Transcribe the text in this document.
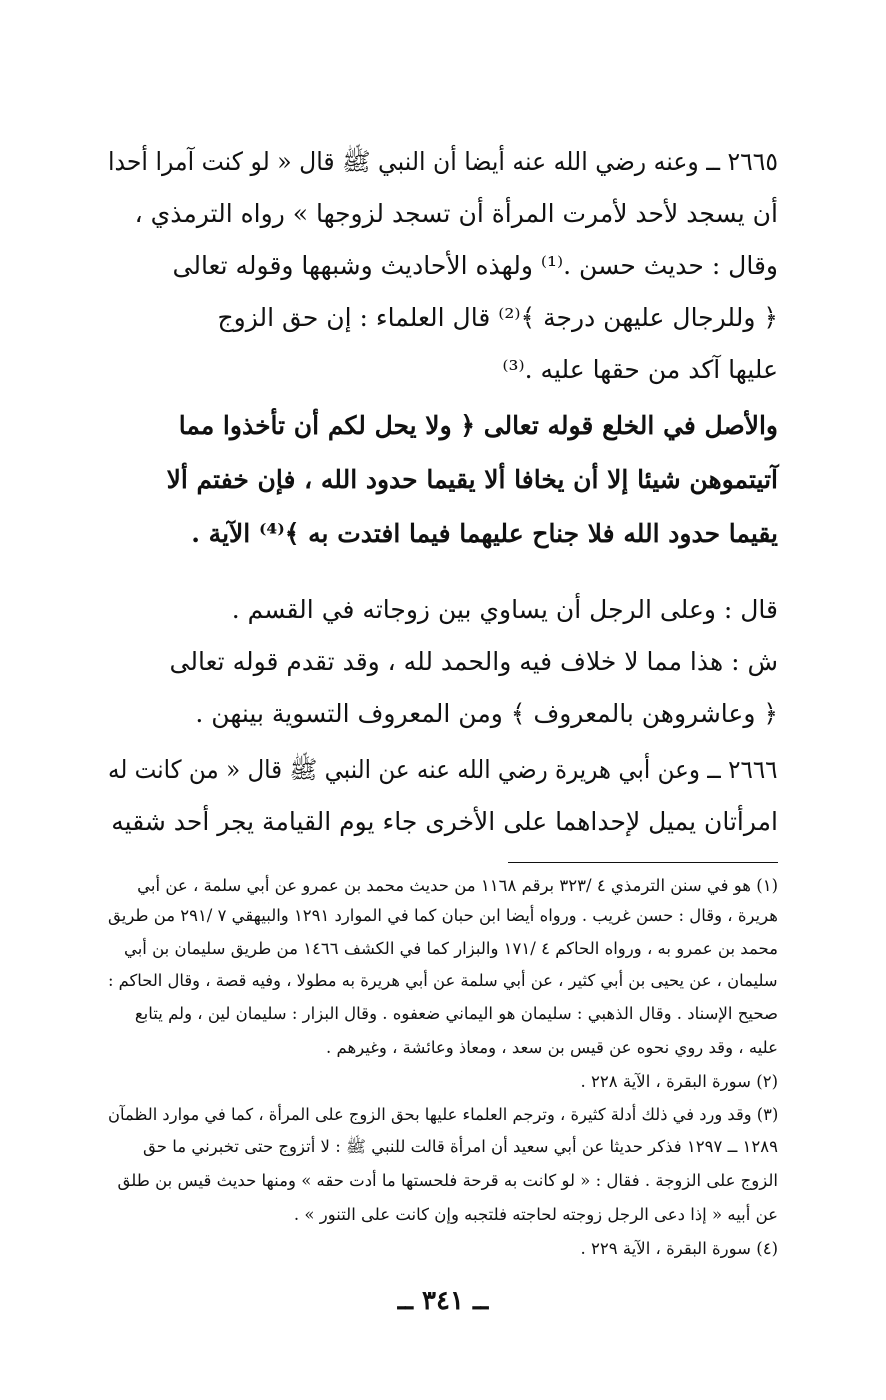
٢٦٦٥ ــ وعنه رضي الله عنه أيضا أن النبي ﷺ قال « لو كنت آمرا أحدا
أن يسجد لأحد لأمرت المرأة أن تسجد لزوجها » رواه الترمذي ،
وقال : حديث حسن .⁽¹⁾ ولهذه الأحاديث وشبهها وقوله تعالى
﴿ وللرجال عليهن درجة ﴾⁽²⁾ قال العلماء : إن حق الزوج
عليها آكد من حقها عليه .⁽³⁾
والأصل في الخلع قوله تعالى ﴿ ولا يحل لكم أن تأخذوا مما
آتيتموهن شيئا إلا أن يخافا ألا يقيما حدود الله ، فإن خفتم ألا
يقيما حدود الله فلا جناح عليهما فيما افتدت به ﴾⁽⁴⁾ الآية .
قال : وعلى الرجل أن يساوي بين زوجاته في القسم .
ش : هذا مما لا خلاف فيه والحمد لله ، وقد تقدم قوله تعالى
﴿ وعاشروهن بالمعروف ﴾ ومن المعروف التسوية بينهن .
٢٦٦٦ ــ وعن أبي هريرة رضي الله عنه عن النبي ﷺ قال « من كانت له
امرأتان يميل لإحداهما على الأخرى جاء يوم القيامة يجر أحد شقيه
(١) هو في سنن الترمذي ٤ /٣٢٣ برقم ١١٦٨ من حديث محمد بن عمرو عن أبي سلمة ، عن أبي
هريرة ، وقال : حسن غريب . ورواه أيضا ابن حبان كما في الموارد ١٢٩١ والبيهقي ٧ /٢٩١ من طريق
محمد بن عمرو به ، ورواه الحاكم ٤ /١٧١ والبزار كما في الكشف ١٤٦٦ من طريق سليمان بن أبي
سليمان ، عن يحيى بن أبي كثير ، عن أبي سلمة عن أبي هريرة به مطولا ، وفيه قصة ، وقال الحاكم :
صحيح الإسناد . وقال الذهبي : سليمان هو اليماني ضعفوه . وقال البزار : سليمان لين ، ولم يتابع
عليه ، وقد روي نحوه عن قيس بن سعد ، ومعاذ وعائشة ، وغيرهم .
(٢) سورة البقرة ، الآية ٢٢٨ .
(٣) وقد ورد في ذلك أدلة كثيرة ، وترجم العلماء عليها بحق الزوج على المرأة ، كما في موارد الظمآن
١٢٨٩ ــ ١٢٩٧ فذكر حديثا عن أبي سعيد أن امرأة قالت للنبي ﷺ : لا أتزوج حتى تخبرني ما حق
الزوج على الزوجة . فقال : « لو كانت به قرحة فلحستها ما أدت حقه » ومنها حديث قيس بن طلق
عن أبيه « إذا دعى الرجل زوجته لحاجته فلتجبه وإن كانت على التنور » .
(٤) سورة البقرة ، الآية ٢٢٩ .
ــ ٣٤١ ــ
